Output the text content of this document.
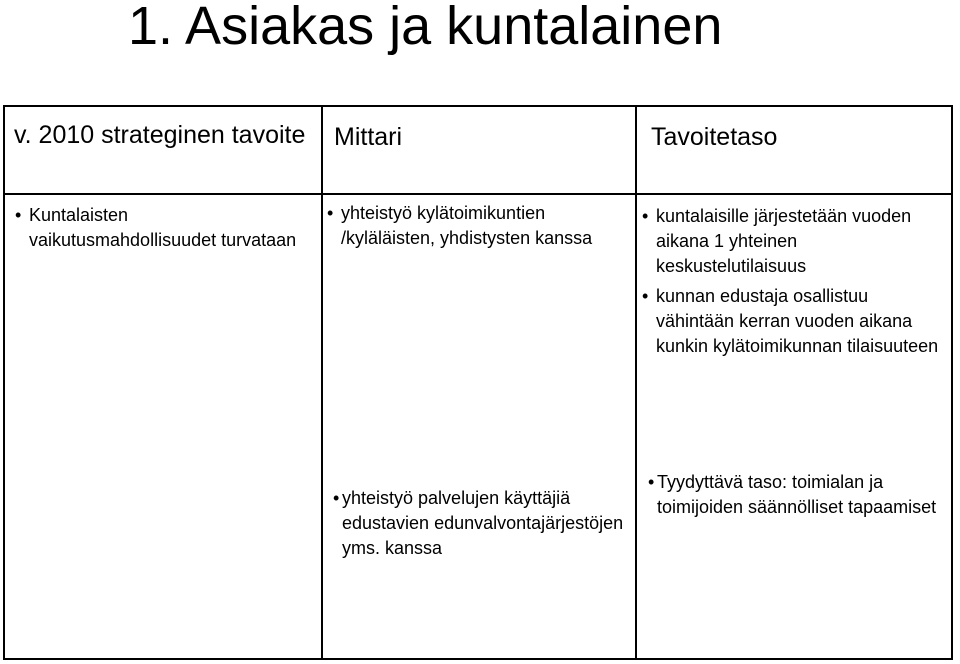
1. Asiakas ja kuntalainen

v. 2010 strateginen tavoite	Mittari	Tavoitetaso

• Kuntalaisten vaikutusmahdollisuudet turvataan
• yhteistyö kylätoimikuntien /kyläläisten, yhdistysten kanssa
• yhteistyö palvelujen käyttäjiä edustavien edunvalvontajärjestöjen yms. kanssa
• kuntalaisille järjestetään vuoden aikana 1 yhteinen keskustelutilaisuus
• kunnan edustaja osallistuu vähintään kerran vuoden aikana kunkin kylätoimikunnan tilaisuuteen
• Tyydyttävä taso: toimialan ja toimijoiden säännölliset tapaamiset
